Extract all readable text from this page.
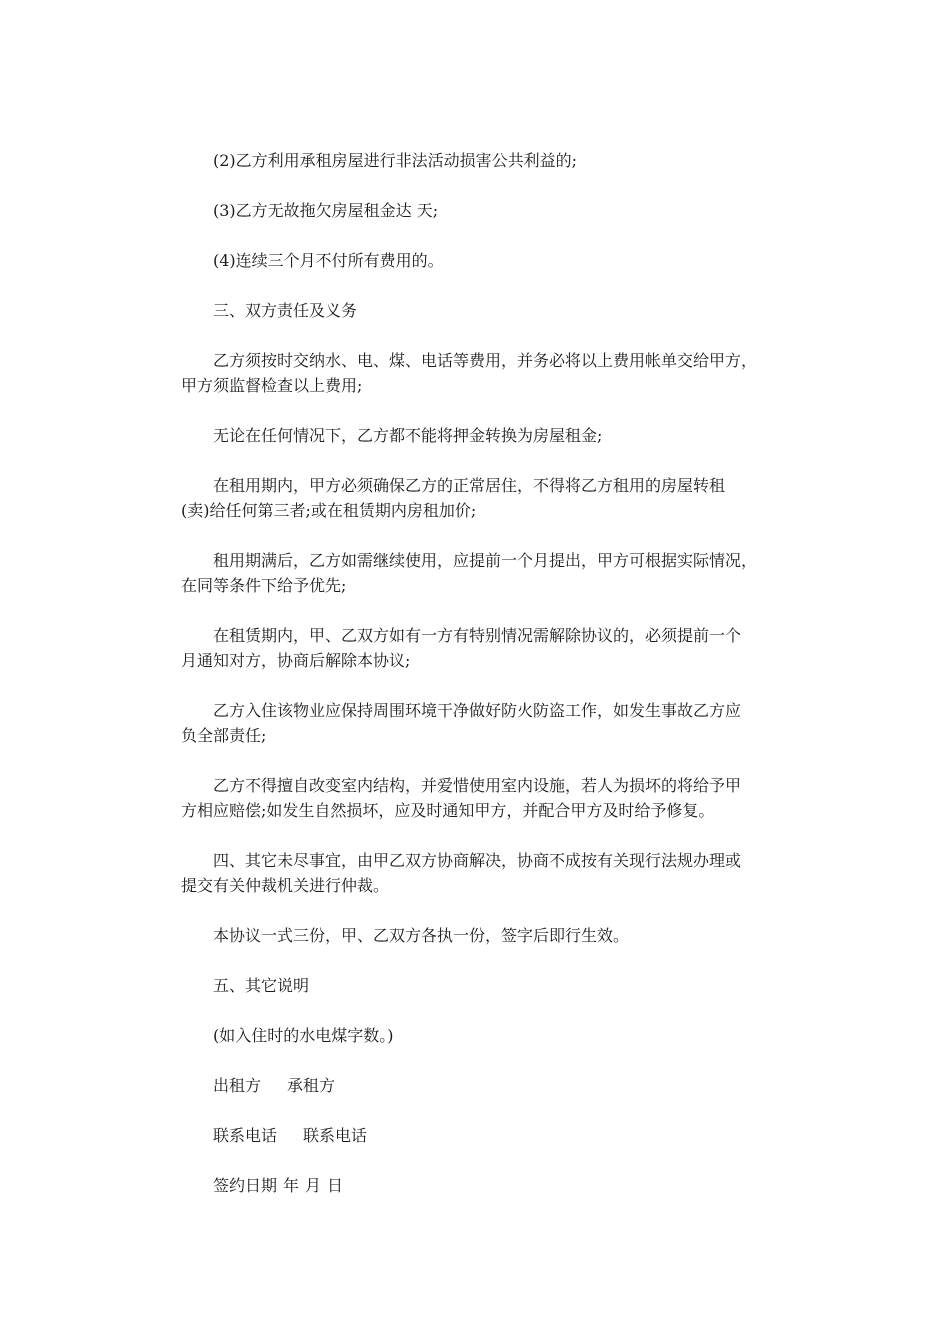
(2)乙方利用承租房屋进行非法活动损害公共利益的;
(3)乙方无故拖欠房屋租金达 天;
(4)连续三个月不付所有费用的。
三、双方责任及义务
乙方须按时交纳水、电、煤、电话等费用，并务必将以上费用帐单交给甲方，
甲方须监督检查以上费用;
无论在任何情况下，乙方都不能将押金转换为房屋租金;
在租用期内，甲方必须确保乙方的正常居住，不得将乙方租用的房屋转租
(卖)给任何第三者;或在租赁期内房租加价;
租用期满后，乙方如需继续使用，应提前一个月提出，甲方可根据实际情况，
在同等条件下给予优先;
在租赁期内，甲、乙双方如有一方有特别情况需解除协议的，必须提前一个
月通知对方，协商后解除本协议;
乙方入住该物业应保持周围环境干净做好防火防盗工作，如发生事故乙方应
负全部责任;
乙方不得擅自改变室内结构，并爱惜使用室内设施，若人为损坏的将给予甲
方相应赔偿;如发生自然损坏，应及时通知甲方，并配合甲方及时给予修复。
四、其它未尽事宜，由甲乙双方协商解决，协商不成按有关现行法规办理或
提交有关仲裁机关进行仲裁。
本协议一式三份，甲、乙双方各执一份，签字后即行生效。
五、其它说明
(如入住时的水电煤字数。)
出租方 承租方
联系电话 联系电话
签约日期 年 月 日
